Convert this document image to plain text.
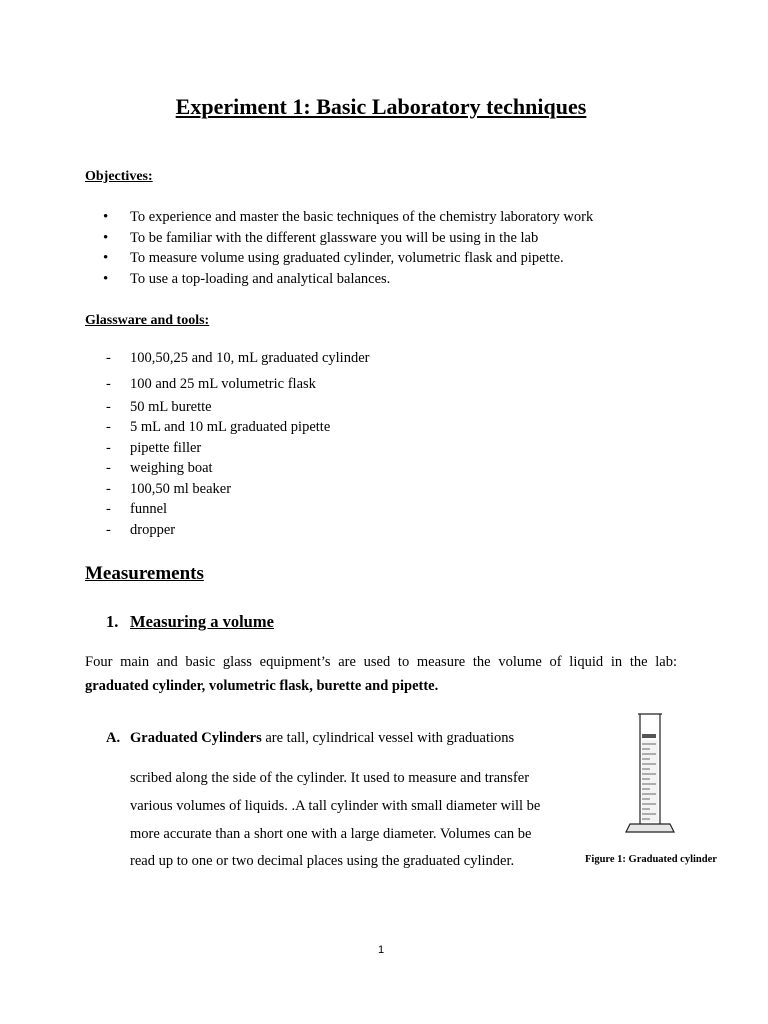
Experiment 1: Basic Laboratory techniques
Objectives:
• To experience and master the basic techniques of the chemistry laboratory work
• To be familiar with the different glassware you will be using in the lab
• To measure volume using graduated cylinder, volumetric flask and pipette.
• To use a top-loading and analytical balances.
Glassware and tools:
- 100,50,25 and 10, mL graduated cylinder
- 100 and 25 mL volumetric flask
- 50 mL burette
- 5 mL and 10 mL graduated pipette
- pipette filler
- weighing boat
- 100,50 ml beaker
- funnel
- dropper
Measurements
1. Measuring a volume
Four main and basic glass equipment’s are used to measure the volume of liquid in the lab:
graduated cylinder, volumetric flask, burette and pipette.
A. Graduated Cylinders are tall, cylindrical vessel with graduations
scribed along the side of the cylinder. It used to measure and transfer
various volumes of liquids. .A tall cylinder with small diameter will be
more accurate than a short one with a large diameter. Volumes can be
read up to one or two decimal places using the graduated cylinder.	Figure 1: Graduated cylinder
1
